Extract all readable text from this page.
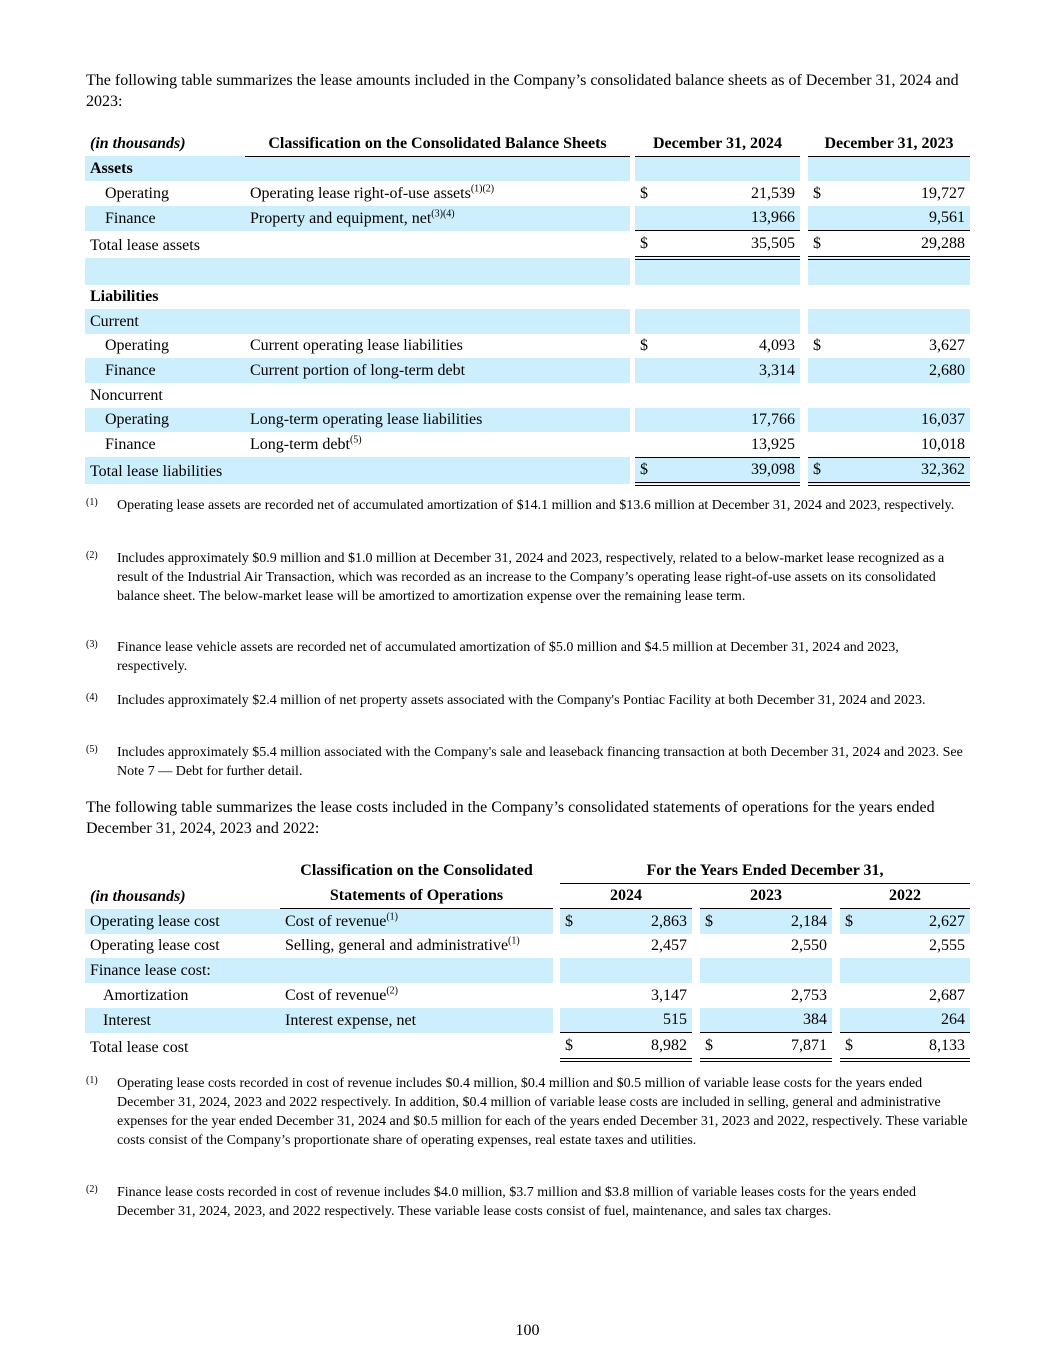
The following table summarizes the lease amounts included in the Company’s consolidated balance sheets as of December 31, 2024 and 2023:
(in thousands)	Classification on the Consolidated Balance Sheets		December 31, 2024			December 31, 2023	
Assets							
Operating	Operating lease right-of-use assets$^{(1)(2)}$		$	21,539		$	19,727
Finance	Property and equipment, net$^{(3)(4)}$			13,966			9,561
Total lease assets			$	35,505		$	29,288

Liabilities							
Current							
Operating	Current operating lease liabilities		$	4,093		$	3,627
Finance	Current portion of long-term debt			3,314			2,680
Noncurrent							
Operating	Long-term operating lease liabilities			17,766			16,037
Finance	Long-term debt$^{(5)}$			13,925			10,018
Total lease liabilities			$	39,098		$	32,362
(1) Operating lease assets are recorded net of accumulated amortization of $14.1 million and $13.6 million at December 31, 2024 and 2023, respectively.
(2) Includes approximately $0.9 million and $1.0 million at December 31, 2024 and 2023, respectively, related to a below-market lease recognized as a result of the Industrial Air Transaction, which was recorded as an increase to the Company’s operating lease right-of-use assets on its consolidated balance sheet. The below-market lease will be amortized to amortization expense over the remaining lease term.
(3) Finance lease vehicle assets are recorded net of accumulated amortization of $5.0 million and $4.5 million at December 31, 2024 and 2023, respectively.
(4) Includes approximately $2.4 million of net property assets associated with the Company's Pontiac Facility at both December 31, 2024 and 2023.
(5) Includes approximately $5.4 million associated with the Company's sale and leaseback financing transaction at both December 31, 2024 and 2023. See Note 7 — Debt for further detail.
The following table summarizes the lease costs included in the Company’s consolidated statements of operations for the years ended December 31, 2024, 2023 and 2022:
	Classification on the Consolidated		For the Years Ended December 31,							
(in thousands)	Statements of Operations		2024			2023			2022	
Operating lease cost	Cost of revenue$^{(1)}$		$	2,863		$	2,184		$	2,627
Operating lease cost	Selling, general and administrative$^{(1)}$			2,457			2,550			2,555
Finance lease cost:										
Amortization	Cost of revenue$^{(2)}$			3,147			2,753			2,687
Interest	Interest expense, net			515			384			264
Total lease cost			$	8,982		$	7,871		$	8,133
(1) Operating lease costs recorded in cost of revenue includes $0.4 million, $0.4 million and $0.5 million of variable lease costs for the years ended December 31, 2024, 2023 and 2022 respectively. In addition, $0.4 million of variable lease costs are included in selling, general and administrative expenses for the year ended December 31, 2024 and $0.5 million for each of the years ended December 31, 2023 and 2022, respectively. These variable costs consist of the Company’s proportionate share of operating expenses, real estate taxes and utilities.
(2) Finance lease costs recorded in cost of revenue includes $4.0 million, $3.7 million and $3.8 million of variable leases costs for the years ended December 31, 2024, 2023, and 2022 respectively. These variable lease costs consist of fuel, maintenance, and sales tax charges.
100
